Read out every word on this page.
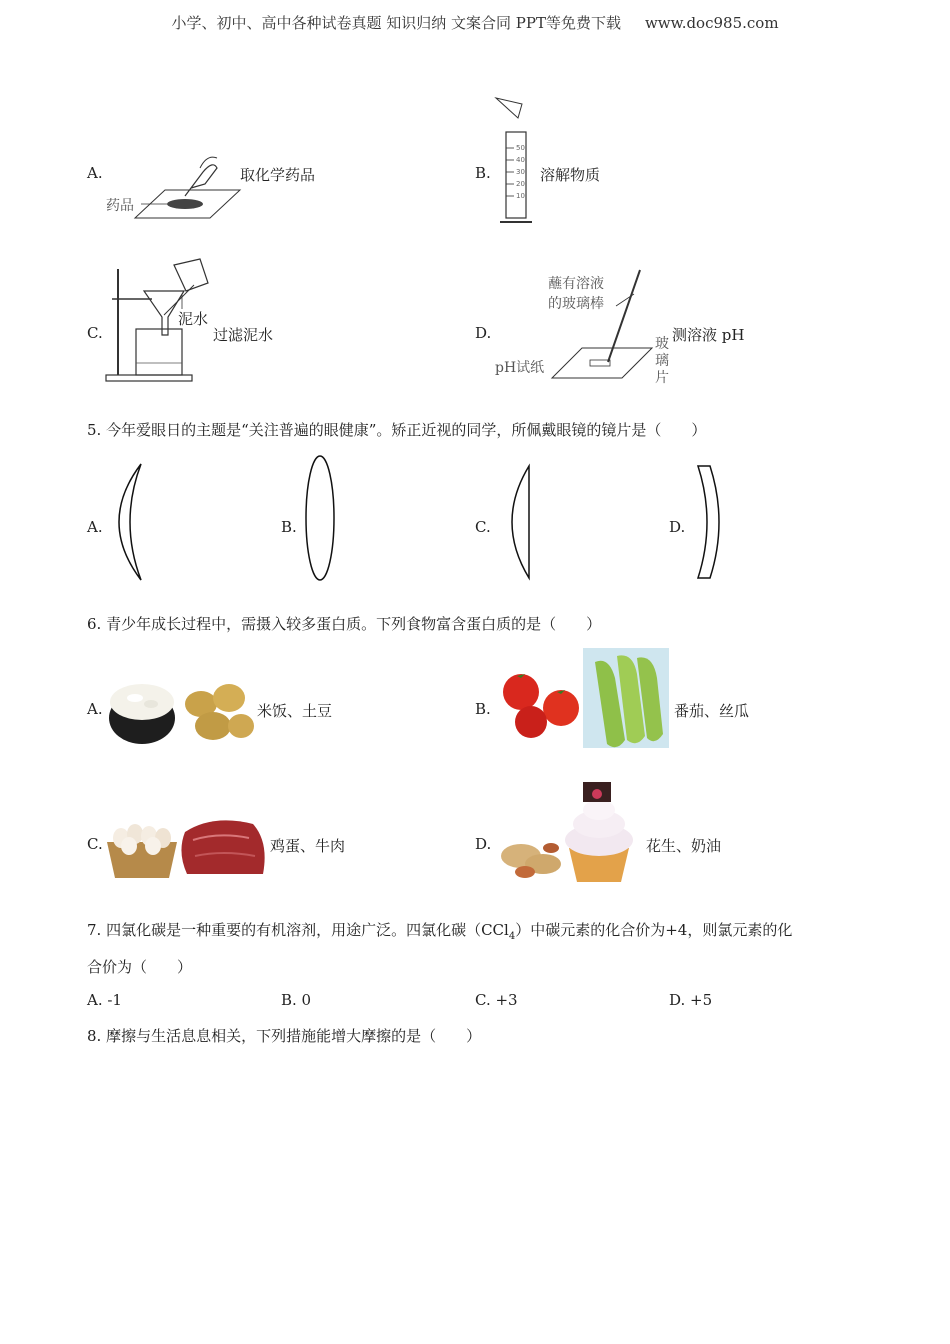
小学、初中、高中各种试卷真题 知识归纳 文案合同 PPT等免费下载 www.doc985.com
A.
药品
取化学药品	B.
50
40
30
20
10
溶解物质
C.
泥水
过滤泥水	D.
蘸有溶液
的玻璃棒
pH试纸
玻
璃
片
测溶液 pH
5. 今年爱眼日的主题是“关注普遍的眼健康”。矫正近视的同学，所佩戴眼镜的镜片是（　　）
A.	B.	C.	D.
6. 青少年成长过程中，需摄入较多蛋白质。下列食物富含蛋白质的是（　　）
A.	米饭、土豆	B.	番茄、丝瓜
C.	鸡蛋、牛肉	D.	花生、奶油
7. 四氯化碳是一种重要的有机溶剂，用途广泛。四氯化碳（CCl$_4$）中碳元素的化合价为+4，则氯元素的化
合价为（　　）
A. -1	B. 0	C. +3	D. +5
8. 摩擦与生活息息相关，下列措施能增大摩擦的是（　　）
